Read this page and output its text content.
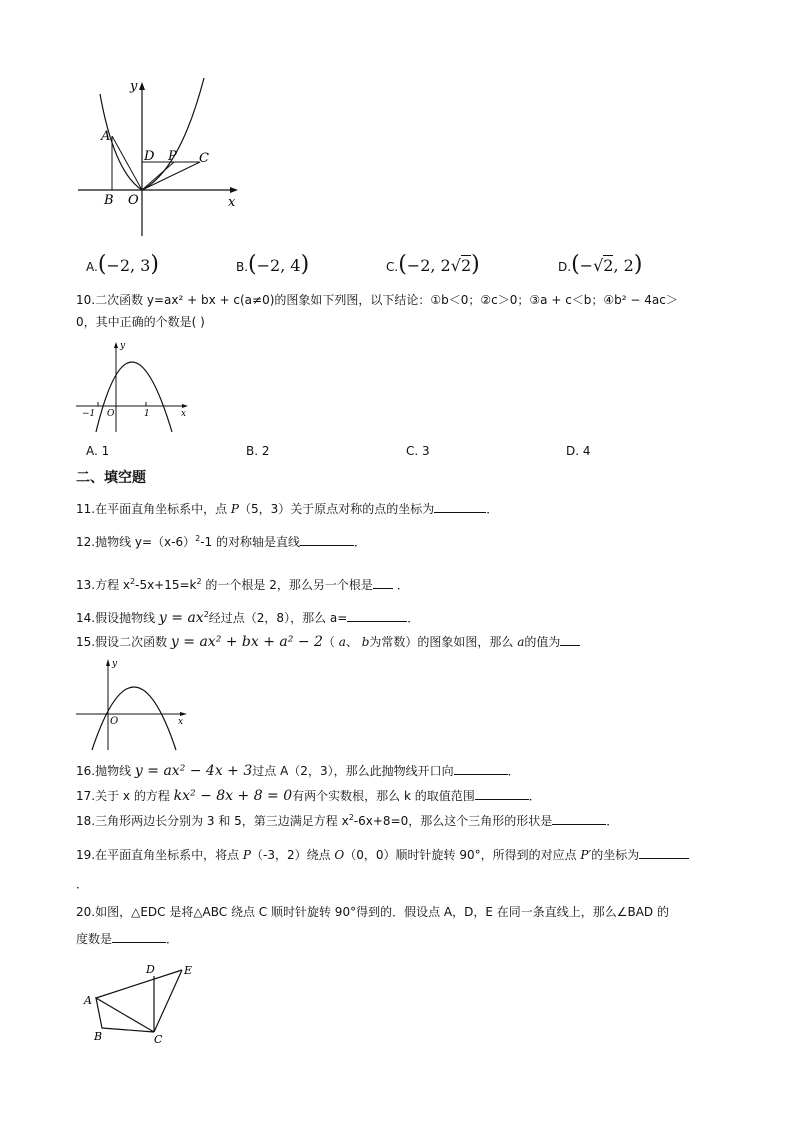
y
x
A
B O
D P C
A.(−2, 3)	B.(−2, 4)	C.(−2, 2√2)	D.(−√2, 2)
10.二次函数 y=ax² + bx + c(a≠0)的图象如下列图，以下结论：①b＜0；②c＞0；③a + c＜b；④b² − 4ac＞
0，其中正确的个数是( )
y
x
−1 O	1
A. 1	B. 2	C. 3	D. 4
二、填空题
11.在平面直角坐标系中，点 P（5，3）关于原点对称的点的坐标为	．
12.抛物线 $y=(x-6)^2-1$ 的对称轴是直线	．
13.方程 $x^2-5x+15=k^2$ 的一个根是 2，那么另一个根是 ．
14.假设抛物线 $y = ax^2$经过点（2，8），那么 a=	．
15.假设二次函数 y = ax² + bx + a² − 2（ a、 b为常数）的图象如图，那么 a的值为
y
x
O
16.抛物线 y = ax² − 4x + 3过点 A（2，3），那么此抛物线开口向	．
17.关于 x 的方程 kx² − 8x + 8 = 0有两个实数根，那么 k 的取值范围	．
18.三角形两边长分别为 3 和 5，第三边满足方程 $x^2-6x+8=0$，那么这个三角形的形状是	．
19.在平面直角坐标系中，将点 P（-3，2）绕点 O（0，0）顺时针旋转 90°，所得到的对应点 P′的坐标为
．
20.如图，△EDC 是将△ABC 绕点 C 顺时针旋转 90°得到的．假设点 A，D，E 在同一条直线上，那么∠BAD 的
度数是	．
A
B	C
D	E
